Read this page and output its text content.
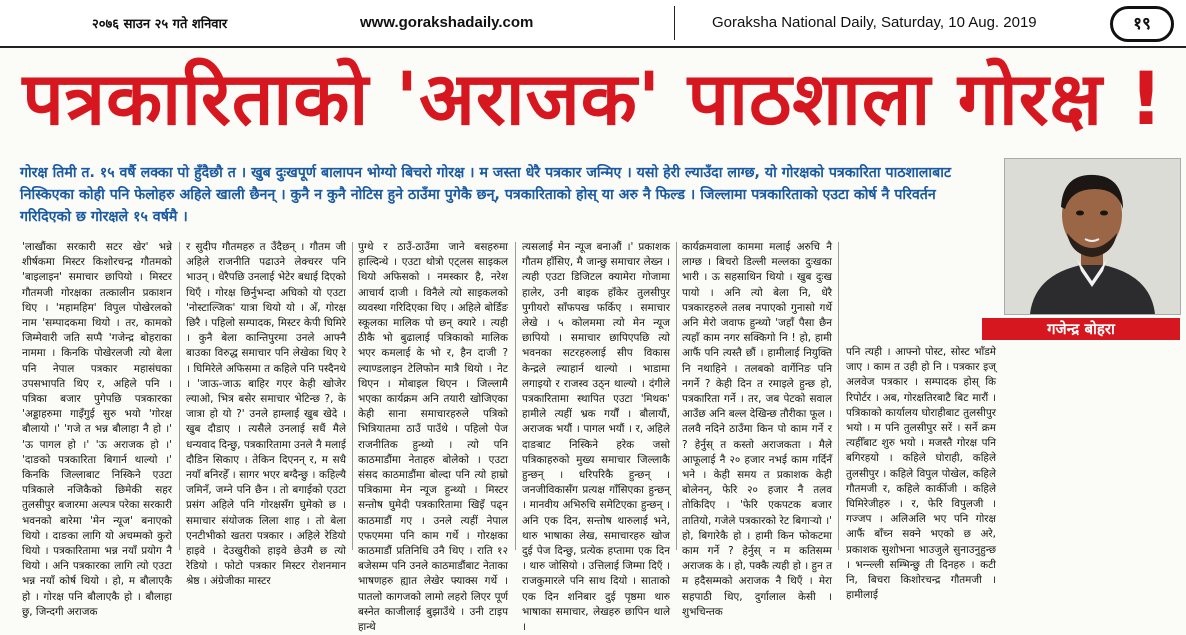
२०७६ साउन २५ गते शनिवार	www.gorakshadaily.com	Goraksha National Daily, Saturday, 10 Aug. 2019	१९
पत्रकारिताको 'अराजक' पाठशाला गोरक्ष !
गोरक्ष तिमी त. १५ वर्षै लक्का पो हुँदैछौ त । खुब दुःखपूर्ण बालापन भोग्यो बिचरो गोरक्ष । म जस्ता धेरै पत्रकार जन्मिए । यसो हेरी ल्याउँदा लाग्छ, यो गोरक्षको पत्रकारिता पाठशालाबाट निस्किएका कोही पनि फेलोहरु अहिले खाली छैनन् । कुनै न कुनै नोटिस हुने ठाउँमा पुगेकै छन्, पत्रकारिताको होस् या अरु नै फिल्ड । जिल्लामा पत्रकारिताको एउटा कोर्ष नै परिवर्तन गरिदिएको छ गोरक्षले १५ वर्षमै ।
गजेन्द्र बोहरा
'लाखौंका सरकारी सटर खेर' भन्ने शीर्षकमा मिस्टर किशोरचन्द्र गौतमको 'बाइलाइन' समाचार छापियो । मिस्टर गौतमजी गोरक्षका तत्कालीन प्रकाशन थिए । 'महामहिम' विपुल पोखेरलको नाम 'सम्पादकमा थियो । तर, कामको जिम्मेवारी जति सप्पै 'गजेन्द्र बोहराका नाममा । किनकि पोखेरलजी त्यो बेला पनि नेपाल पत्रकार महासंघका उपसभापति थिए र, अहिले पनि । पत्रिका बजार पुगेपछि पत्रकारका 'अड्डाहरुमा गाइँगुई सुरु भयो 'गोरक्ष बौलायो ।' 'गजे त भन्न बौलाहा नै हो ।' 'ऊ पागल हो ।' 'ऊ अराजक हो ।' 'दाङको पत्रकारिता बिगार्न थाल्यो ।' किनकि जिल्लाबाट निस्किने एउटा पत्रिकाले नजिकैको छिमेकी सहर तुलसीपुर बजारमा अल्पत्र परेका सरकारी भवनको बारेमा 'मेन न्यूज' बनाएको थियो । दाङका लागि यो अचम्मको कुरो थियो । पत्रकारितामा भन्न नयाँ प्रयोग नै थियो । अनि पत्रकारका लागि त्यो एउटा भन्न नयाँ कोर्ष थियो । हो, म बौलाएकै हो । गोरक्ष पनि बौलाएकै हो । बौलाहा छु, जिन्दगी अराजक
र सुदीप गौतमहरु त उँदैछन् । गौतम जी अहिले राजनीति पढाउने लेक्चरर पनि भाउन् । धेरैपछि उनलाई भेटेर बधाई दिएको थिएँ । गोरक्ष छिर्नुभन्दा अघिको यो एउटा 'नोस्टाल्जिक' यात्रा थियो यो । अँ, गोरक्ष छिरै । पहिलो सम्पादक, मिस्टर केपी घिमिरे । कुनै बेला कान्तिपुरमा उनले आफ्नै बाउका विरुद्ध समाचार पनि लेखेका थिए रे । घिमिरेले अफिसमा त कहिले पनि पस्दैनथे । 'जाऊ-जाऊ बाहिर गएर केही खोजेर ल्याओ, भित्र बसेर समाचार भेटिन्छ ?, के जात्रा हो यो ?' उनले हाम्लाई खुब खेदे । खुब दौडाए । त्यसैले उनलाई सधैं मैले धन्यवाद दिन्छु, पत्रकारितामा उनले नै मलाई दौडिन सिकाए । तेकिन दिएनन् र, म सधै नयाँ बनिरहेँ । सागर भएर बग्दैन्छु । कहिल्यै जमिनँ, जम्ने पनि छैन । तो बगाईको एउटा प्रसंग अहिले पनि गोरक्षसँग घुमेको छ । समाचार संयोजक लिला शाह । तो बेला एनटीभीको खतरा पत्रकार । अहिले रेडियो हाइवे । देउखुरीको हाइवे छेउमै छ त्यो रेडियो । फोटो पत्रकार मिस्टर रोशनमान श्रेष्ठ । अंग्रेजीका मास्टर
पुग्थे र ठाउँ-ठाउँमा जाने बसहरुमा हाल्दिन्थे । एउटा थोत्रो एट्लस साइकल थियो अफिसको । नमस्कार है, नरेश आचार्य दाजी । विनैले त्यो साइकलको व्यवस्था गरिदिएका थिए । अहिले बोर्डिङ स्कूलका मालिक पो छन् क्यारे । त्यही ठीकै भो बुढालाई पत्रिकाको मालिक भएर कमलाई के भो र, हैन दाजी ? ल्याण्डलाइन टेलिफोन मात्रै थियो । नेट थिएन । मोबाइल थिएन । जिल्लामै भएका कार्यक्रम अनि तयारी खोजिएका केही साना समाचारहरुले पत्रिको भित्रियातमा ठाउँ पाउँथे । पहिलो पेज राजनीतिक हुन्थ्यो । त्यो पनि काठमाडौंमा नेताहरु बोलेको । एउटा संसद काठमाडौंमा बोल्दा पनि त्यो हाम्रो पत्रिकामा मेन न्यूज हुन्थ्यो । मिस्टर सन्तोष घुमेदी पत्रकारितामा खिइँ पढ्न काठमाडौं गए । उनले त्यहीं नेपाल एफएममा पनि काम गर्थे । गोरक्षका काठमाडौं प्रतिनिधि उनै थिए । राति १२ बजेसम्म पनि उनले काठमाडौंबाट नेताका भाषणहरु ह्यात लेखेर फ्याक्स गर्थे । पातलो कागजको लामो लहरो लिएर पूर्ण बस्नेत काजीलाई बुझाउँथे । उनी टाइप हान्थे
त्यसलाई मेन न्यूज बनाऔं ।' प्रकाशक गौतम हाँसिए, मै जान्छु समाचार लेख्न । त्यही एउटा डिजिटल क्यामेरा गोजामा हालेर, उनी बाइक हाँकेर तुलसीपुर पुगीयरो साँफपख फर्किए । समाचार लेखे । ५ कोलममा त्यो मेन न्यूज छापियो । समाचार छापिएपछि त्यो भवनका सटरहरुलाई सीप विकास केन्द्रले ल्याहार्न थाल्यो । भाडामा लगाइयो र राजस्व उठ्न थाल्यो । दंगीले पत्रकारितामा स्थापित एउटा 'मिथक' हामीले त्यहीं भ्रक गर्यौं । बौलायौं, अराजक भयौं । पागल भयौं । र, अहिले दाङबाट निस्किने हरेक जसो पत्रिकाहरुको मुख्य समाचार जिल्लाकै हुन्छन् । धरिपरिकै हुन्छन् । जनजीविकासँग प्रत्यक्ष गाँसिएका हुन्छन् । मानवीय अभिरुचि समेटिएका हुन्छन् । अनि एक दिन, सन्तोष थारुलाई भने, थारु भाषाका लेख, समाचारहरु खोज दुई पेज दिन्छु, प्रत्येक हप्तामा एक दिन । थारु जोसियो । उत्तिलाई जिम्मा दिएँ । राजकुमारले पनि साथ दियो । साताको एक दिन शनिबार दुई पृष्ठमा थारु भाषाका समाचार, लेखहरु छापिन थाले ।
कार्यक्रमवाला काममा मलाई अरुचि नै लाग्छ । बिचरो डिल्ली मल्लका दुःखका भारी । ऊ सहसाथिन थियो । खुब दुःख पायो । अनि त्यो बेला नि, धेरै पत्रकारहरुले तलब नपाएको गुनासो गर्थे अनि मेरो जवाफ हुन्थ्यो 'जहाँ पैसा छैन त्यहाँ काम नगर सक्किगो नि ! हो, हामी आफैं पनि त्यस्तै छौं । हामीलाई नियुक्ति नि नथाहिने । तलबको वार्गेनिङ पनि नगर्ने ? केही दिन त रमाइले हुन्छ हो, पत्रकारिता गर्ने । तर, जब पेटको सवाल आउँछ अनि बल्ल देखिन्छ तौरीका फूल । तलवै नदिने ठाउँमा किन पो काम गर्ने र ? हेर्नुस् त कस्तो अराजकता । मैले आफूलाई नै २० हजार नभई काम गर्दिनँ भने । केही समय त प्रकाशक केही बोलेनन्, फेरि २० हजार नै तलव तोकिदिए । 'फेरि एकपटक बजार तातियो, गजेले पत्रकारको रेट बिगार्‍यो ।' हो, बिगारेकै हो । हामी किन फोकटमा काम गर्ने ? हेर्नुस् न म कतिसम्म अराजक के । हो, पक्कै त्यही हो । हुन त म हदैसम्मको अराजक नै थिएँ । मेरा सहपाठी थिए, दुर्गालाल केसी । शुभचिन्तक
पनि त्यही । आफ्नो पोस्ट, सोस्ट भाँडमे जाए । काम त उही हो नि । पत्रकार इज् अलवेज पत्रकार । सम्पादक होस् कि रिपोर्टर । अब, गोरक्षतिरबाटै बिट मारौं । पत्रिकाको कार्यालय घोराहीबाट तुलसीपुर भयो । म पनि तुलसीपुर सरें । सर्ने क्रम त्यहीँबाट शुरु भयो । मजस्तै गोरक्ष पनि बगिरहयो । कहिले घोराही, कहिले तुलसीपुर । कहिले विपुल पोखेल, कहिले गौतमजी र, कहिले कार्कीजी । कहिले घिमिरेजीहरु । र, फेरि विपुलजी । गज्जप । अलिअलि भए पनि गोरक्ष आफैं बाँच्न सक्ने भएको छ अरे, प्रकाशक सुशोभना भाउजुले सुनाउनुहुन्छ । भन्न्ल्ली सम्भिन्छु ती दिनहरु । कटी नि, बिचरा किशोरचन्द्र गौतमजी । हामीलाई
